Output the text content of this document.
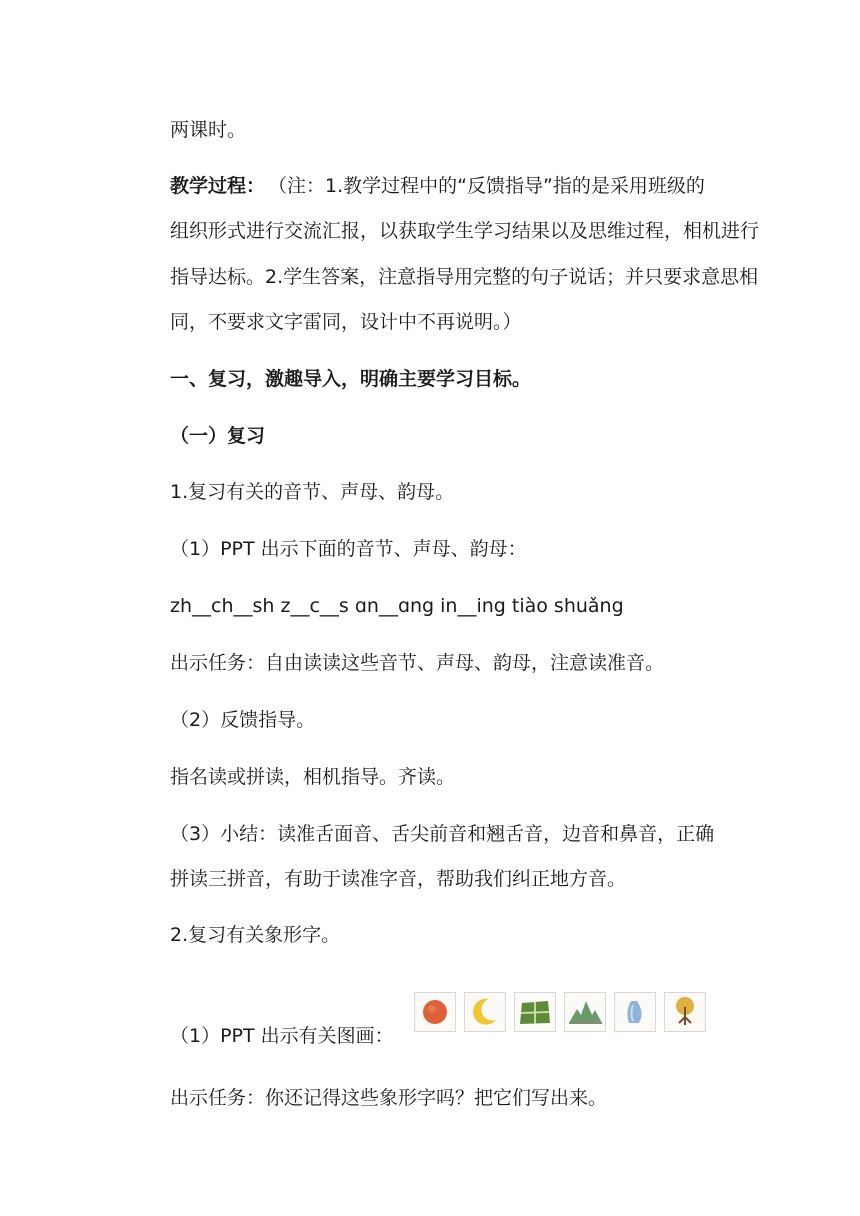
两课时。
教学过程： （注：1.教学过程中的“反馈指导”指的是采用班级的
组织形式进行交流汇报，以获取学生学习结果以及思维过程，相机进行
指导达标。2.学生答案，注意指导用完整的句子说话；并只要求意思相
同，不要求文字雷同，设计中不再说明。）
一、复习，激趣导入，明确主要学习目标。
（一）复习
1.复习有关的音节、声母、韵母。
（1）PPT 出示下面的音节、声母、韵母：
zh__ch__sh z__c__s ɑn__ɑng in__ing tiào shuǎng
出示任务：自由读读这些音节、声母、韵母，注意读准音。
（2）反馈指导。
指名读或拼读，相机指导。齐读。
（3）小结：读准舌面音、舌尖前音和翘舌音，边音和鼻音，正确
拼读三拼音，有助于读准字音，帮助我们纠正地方音。
2.复习有关象形字。
（1）PPT 出示有关图画：
出示任务：你还记得这些象形字吗？把它们写出来。
